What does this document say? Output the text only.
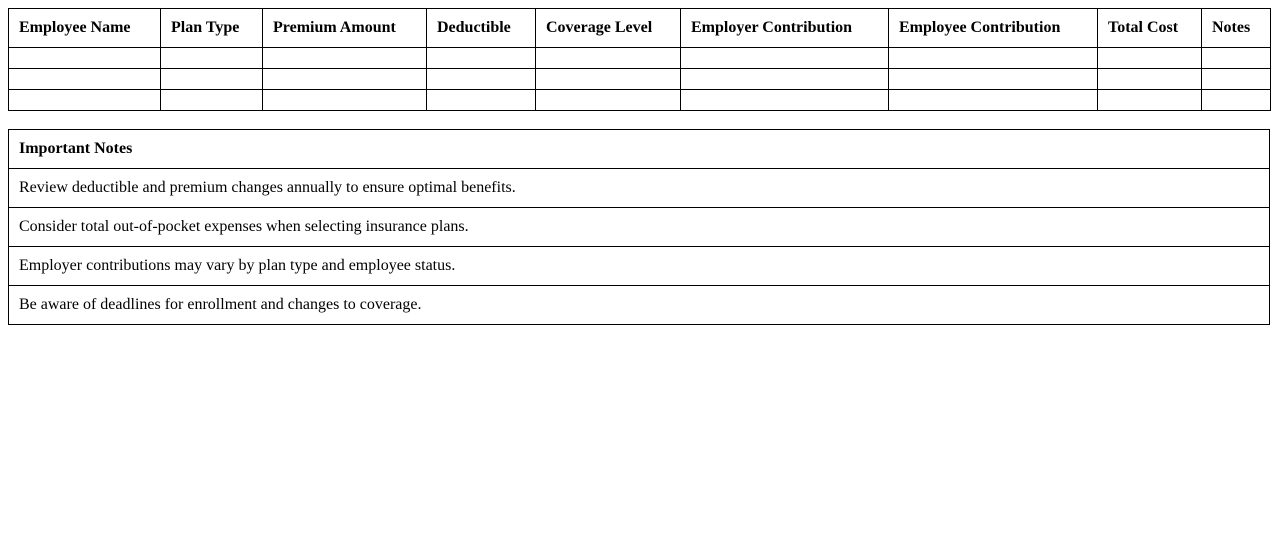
Employee Name	Plan Type	Premium Amount	Deductible	Coverage Level	Employer Contribution	Employee Contribution	Total Cost	Notes

Important Notes
Review deductible and premium changes annually to ensure optimal benefits.
Consider total out-of-pocket expenses when selecting insurance plans.
Employer contributions may vary by plan type and employee status.
Be aware of deadlines for enrollment and changes to coverage.
